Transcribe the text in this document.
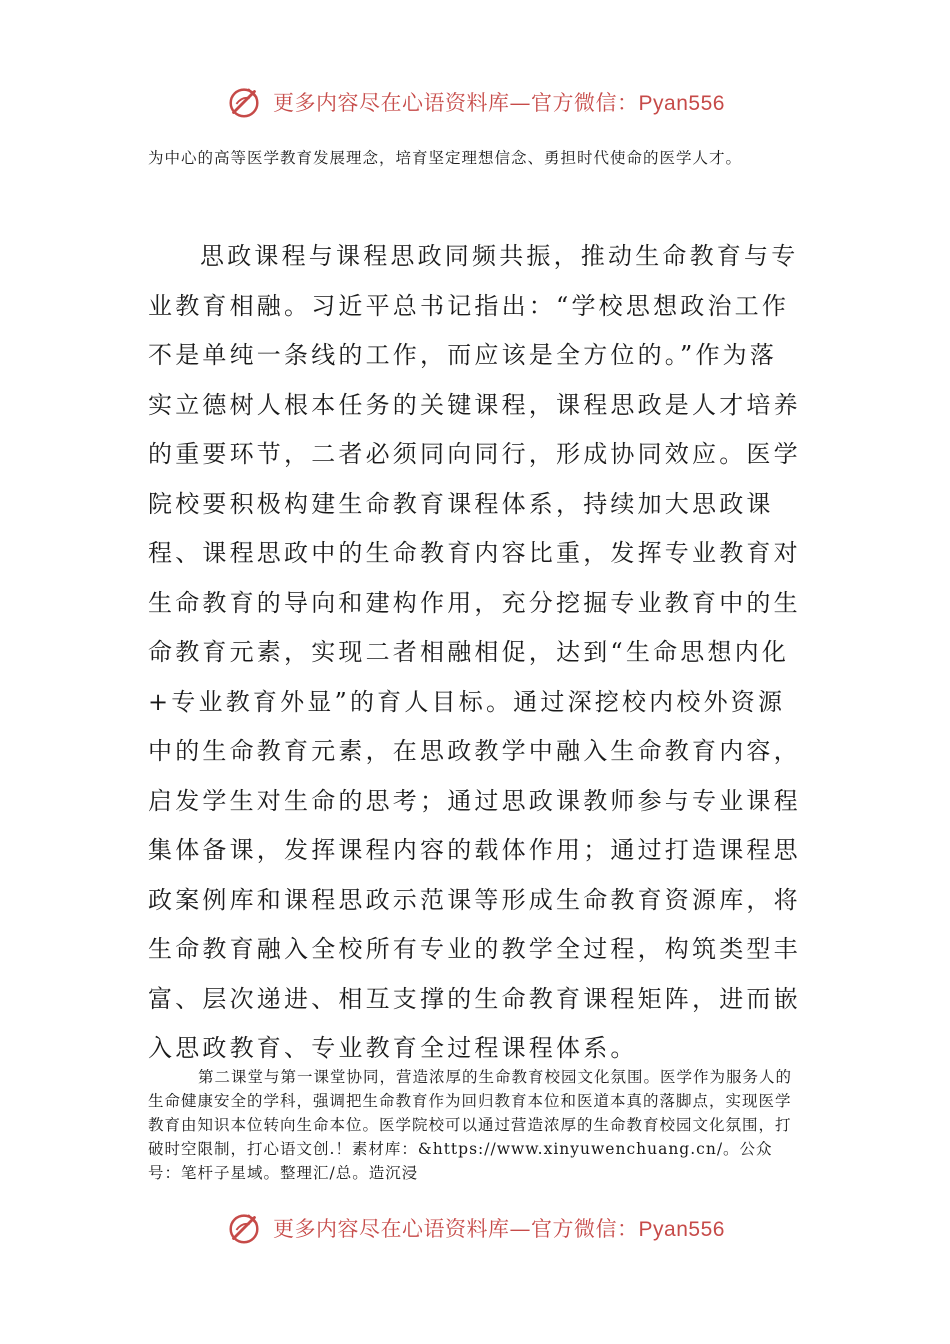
更多内容尽在心语资料库—官方微信：Pyan556

为中心的高等医学教育发展理念，培育坚定理想信念、勇担时代使命的医学人才。

思政课程与课程思政同频共振，推动生命教育与专业教育相融。习近平总书记指出：“学校思想政治工作不是单纯一条线的工作，而应该是全方位的。”作为落实立德树人根本任务的关键课程，课程思政是人才培养的重要环节，二者必须同向同行，形成协同效应。医学院校要积极构建生命教育课程体系，持续加大思政课程、课程思政中的生命教育内容比重，发挥专业教育对生命教育的导向和建构作用，充分挖掘专业教育中的生命教育元素，实现二者相融相促，达到“生命思想内化+专业教育外显”的育人目标。通过深挖校内校外资源中的生命教育元素，在思政教学中融入生命教育内容，启发学生对生命的思考；通过思政课教师参与专业课程集体备课，发挥课程内容的载体作用；通过打造课程思政案例库和课程思政示范课等形成生命教育资源库，将生命教育融入全校所有专业的教学全过程，构筑类型丰富、层次递进、相互支撑的生命教育课程矩阵，进而嵌入思政教育、专业教育全过程课程体系。

第二课堂与第一课堂协同，营造浓厚的生命教育校园文化氛围。医学作为服务人的生命健康安全的学科，强调把生命教育作为回归教育本位和医道本真的落脚点，实现医学教育由知识本位转向生命本位。医学院校可以通过营造浓厚的生命教育校园文化氛围，打破时空限制，打心语文创.！素材库：&https://www.xinyuwenchuang.cn/。公众号：笔杆子星域。整理汇/总。造沉浸

更多内容尽在心语资料库—官方微信：Pyan556
